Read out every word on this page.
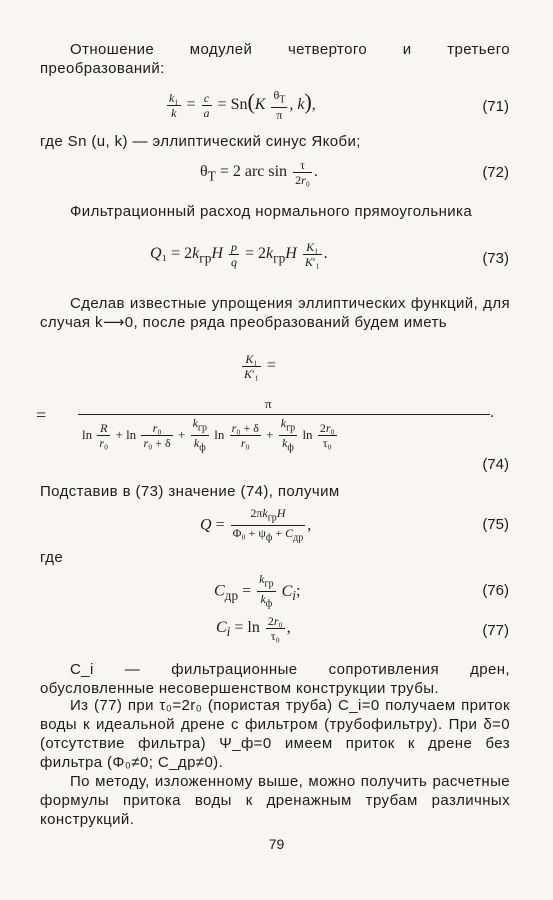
Отношение модулей четвертого и третьего преобразований:
$\frac{\text{k₁}}{k} = \frac{c}{a} = Sn(K \frac{\theta_T}{\pi}$ , k),	(71)
где Sn (u, k) — эллиптический синус Якоби;
$\theta_T = 2$ arc $\sin \frac{\tau}{\text{2r₀}}$ .	(72)
Фильтрационный расход нормального прямоугольника
$Q_1 = 2k_{гр}H \frac{p}{q} = 2k_{гр}H \frac{\text{K₁}}{\text{K′₁}}$ .	(73)
Сделав известные упрощения эллиптических функций, для случая k⟶0, после ряда преобразований будем иметь
$\frac{\text{K₁}}{\text{K′₁}}$ =
π
=	.
$\ln \frac{R}{\text{r₀}} + \ln \frac{\text{r₀}}{\text{r₀ + δ}} + \frac{k_{гр}}{k_ф}$ $\ln \frac{\text{r₀ + δ}}{\text{r₀}} + \frac{k_{гр}}{k_ф}$ $\ln \frac{\text{2r₀}}{\text{τ₀}}$
(74)
Подставив в (73) значение (74), получим
$Q = \frac{2\pi k_{гр}H}{\Phi_0 + \psi_ф + C_{др}}$ ,	(75)
где
$C_{др} = \frac{k_{гр}}{k_ф} C_i$;	(76)
$C_i = \ln \frac{\text{2r₀}}{\text{τ₀}}$ ,	(77)
C_i — фильтрационные сопротивления дрен, обусловленные несовершенством конструкции трубы.
Из (77) при τ₀=2r₀ (пористая труба) C_i=0 получаем приток воды к идеальной дрене с фильтром (трубофильтру). При δ=0 (отсутствие фильтра) Ψ_ф=0 имеем приток к дрене без фильтра (Φ₀≠0; C_др≠0).
По методу, изложенному выше, можно получить расчетные формулы притока воды к дренажным трубам различных конструкций.
79
